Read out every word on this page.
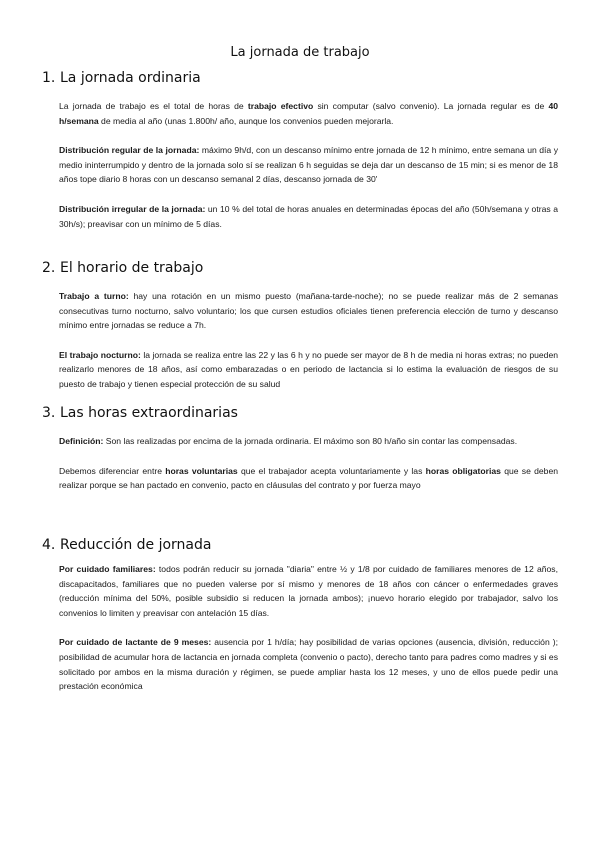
La jornada de trabajo
1. La jornada ordinaria

La jornada de trabajo es el total de horas de trabajo efectivo sin computar (salvo convenio). La jornada regular es de 40 h/semana de media al año (unas 1.800h/ año, aunque los convenios pueden mejorarla.

Distribución regular de la jornada: máximo 9h/d, con un descanso mínimo entre jornada de 12 h mínimo, entre semana un día y medio ininterrumpido y dentro de la jornada solo sí se realizan 6 h seguidas se deja dar un descanso de 15 min; si es menor de 18 años tope diario 8 horas con un descanso semanal 2 días, descanso jornada de 30'

Distribución irregular de la jornada: un 10 % del total de horas anuales en determinadas épocas del año (50h/semana y otras a 30h/s); preavisar con un mínimo de 5 días.

2. El horario de trabajo

Trabajo a turno: hay una rotación en un mismo puesto (mañana-tarde-noche); no se puede realizar más de 2 semanas consecutivas turno nocturno, salvo voluntario; los que cursen estudios oficiales tienen preferencia elección de turno y descanso mínimo entre jornadas se reduce a 7h.

El trabajo nocturno: la jornada se realiza entre las 22 y las 6 h y no puede ser mayor de 8 h de media ni horas extras; no pueden realizarlo menores de 18 años, así como embarazadas o en periodo de lactancia si lo estima la evaluación de riesgos de su puesto de trabajo y tienen especial protección de su salud

3. Las horas extraordinarias

Definición: Son las realizadas por encima de la jornada ordinaria. El máximo son 80 h/año sin contar las compensadas.

Debemos diferenciar entre horas voluntarias que el trabajador acepta voluntariamente y las horas obligatorias que se deben realizar porque se han pactado en convenio, pacto en cláusulas del contrato y por fuerza mayo

4. Reducción de jornada

Por cuidado familiares: todos podrán reducir su jornada "diaria" entre ½ y 1/8 por cuidado de familiares menores de 12 años, discapacitados, familiares que no pueden valerse por sí mismo y menores de 18 años con cáncer o enfermedades graves (reducción mínima del 50%, posible subsidio si reducen la jornada ambos); ¡nuevo horario elegido por trabajador, salvo los convenios lo limiten y preavisar con antelación 15 días.

Por cuidado de lactante de 9 meses: ausencia por 1 h/día; hay posibilidad de varias opciones (ausencia, división, reducción ); posibilidad de acumular hora de lactancia en jornada completa (convenio o pacto), derecho tanto para padres como madres y si es solicitado por ambos en la misma duración y régimen, se puede ampliar hasta los 12 meses, y uno de ellos puede pedir una prestación económica
